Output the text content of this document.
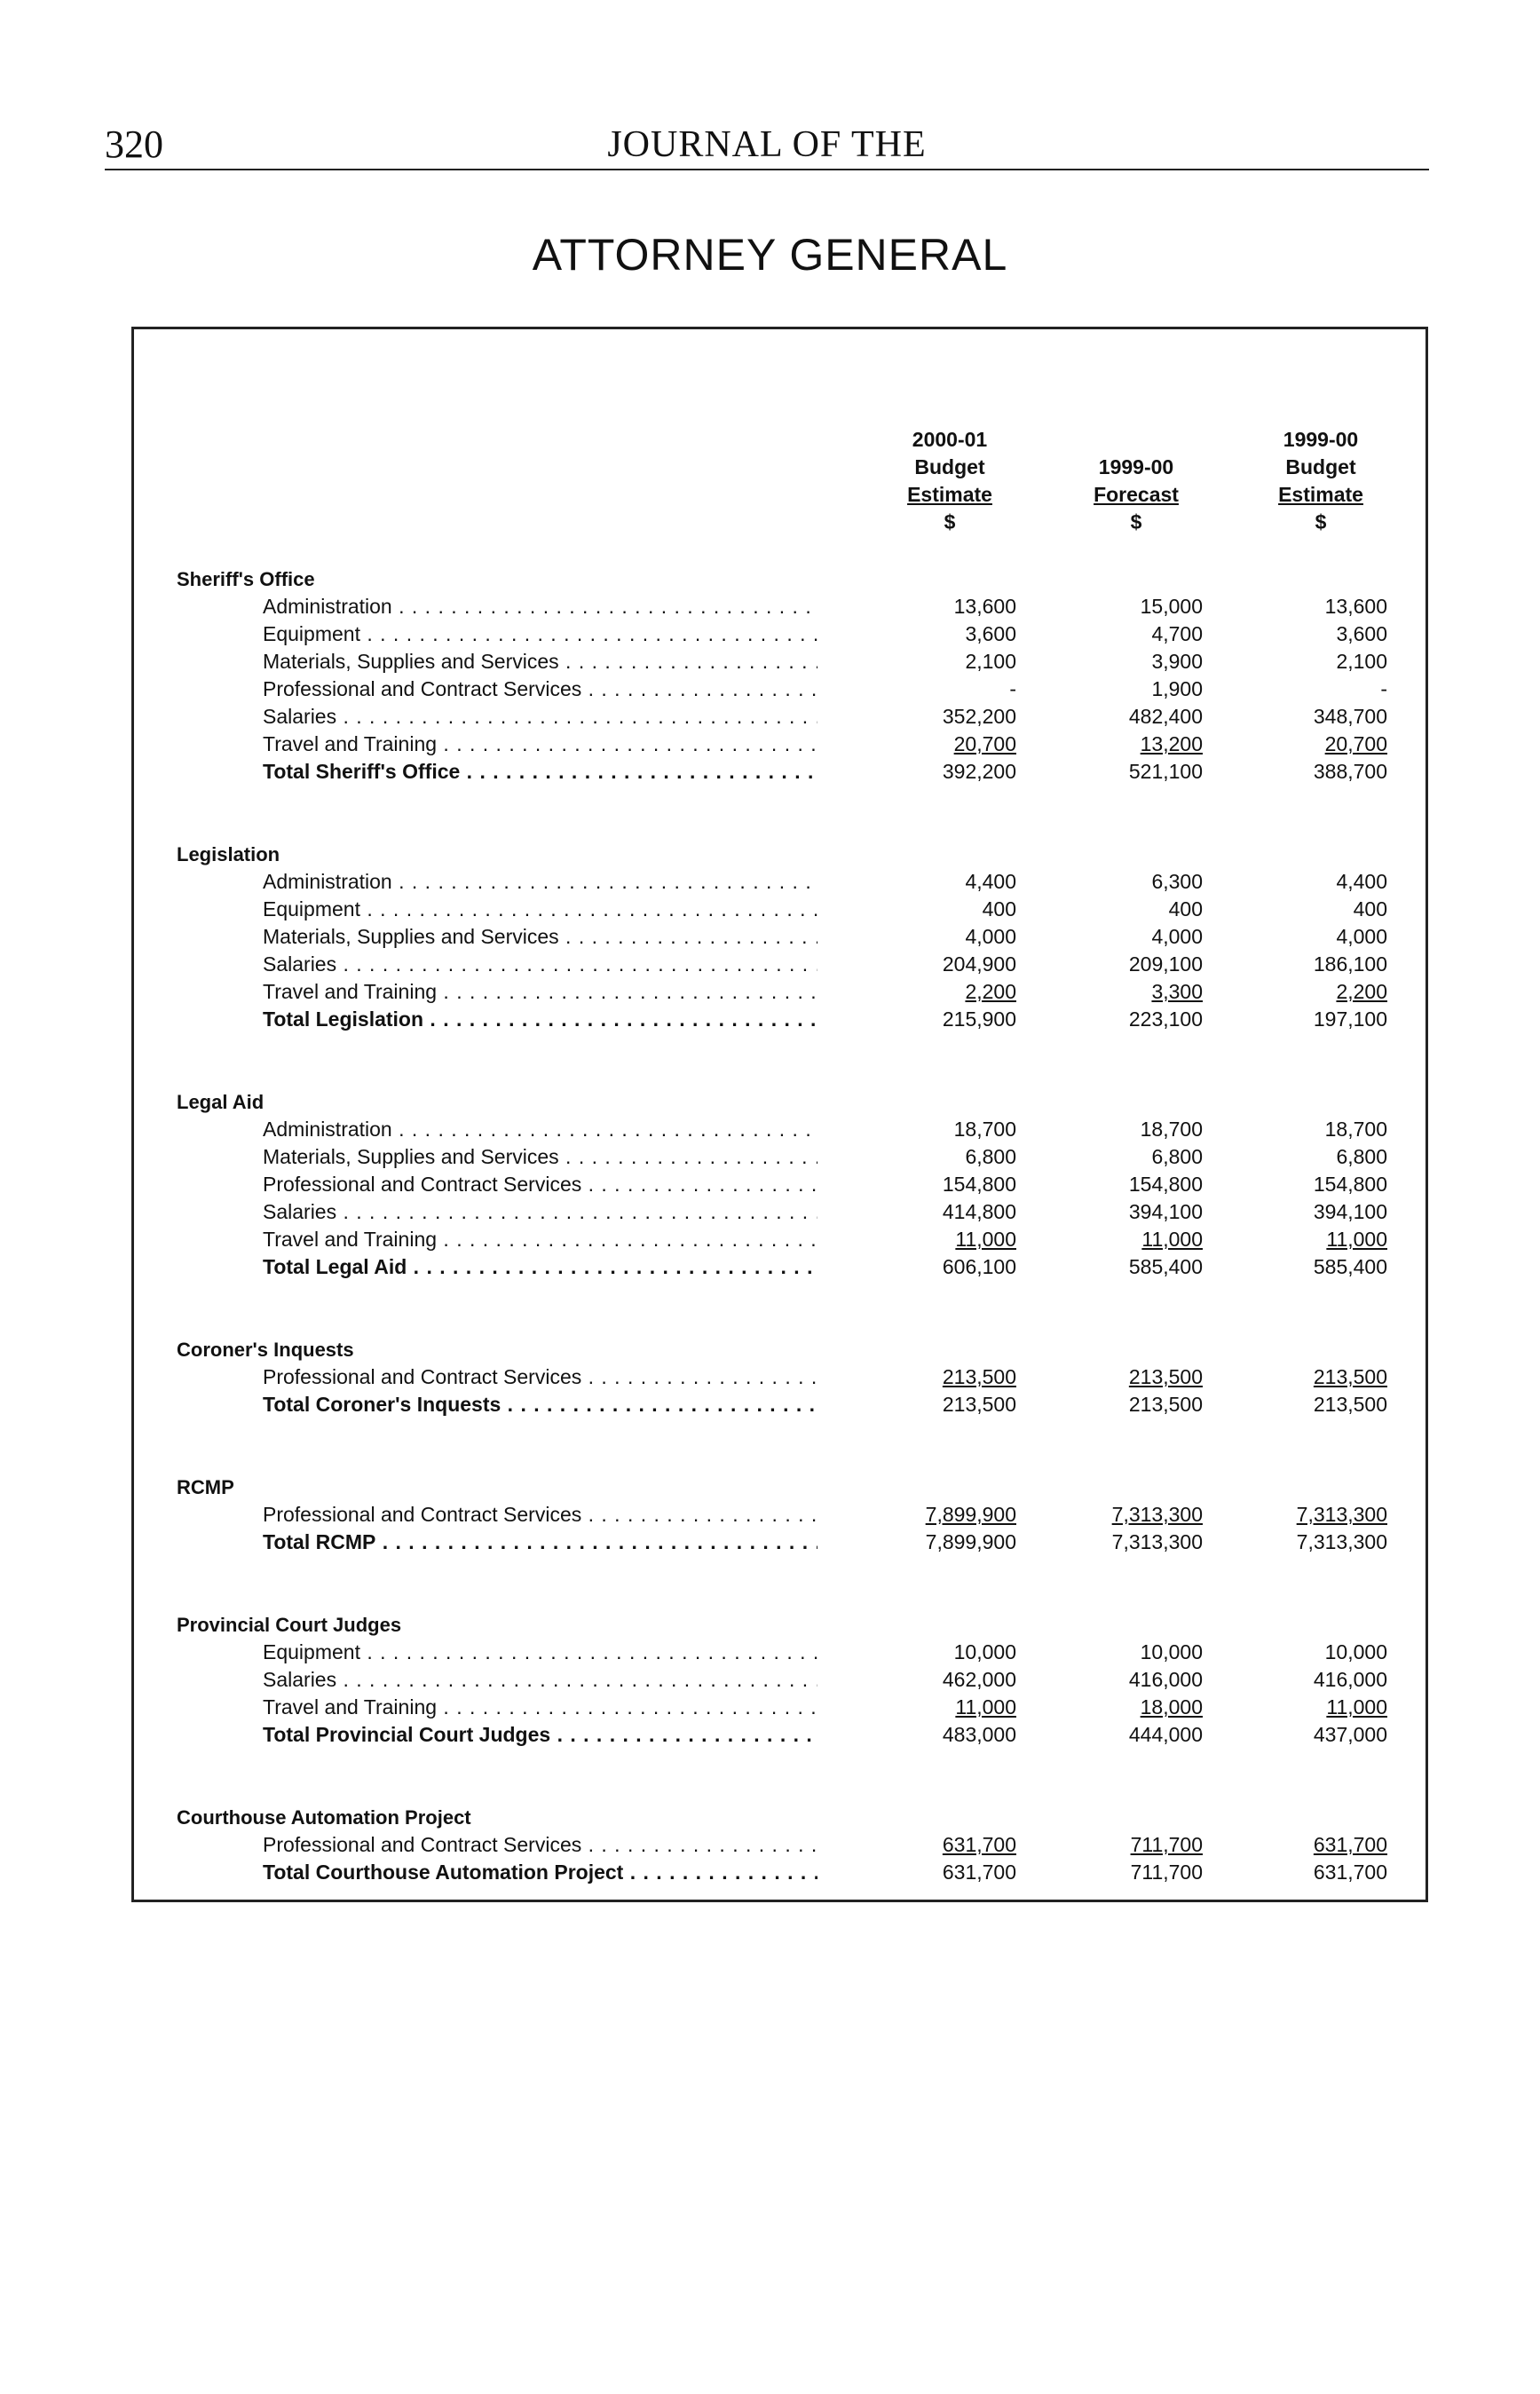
320	JOURNAL OF THE
ATTORNEY GENERAL
2000-01
Budget
Estimate
$
1999-00
Forecast
$
1999-00
Budget
Estimate
$
Sheriff's Office
Administration . . .	13,600	15,000	13,600
Equipment . . .	3,600	4,700	3,600
Materials, Supplies and Services . . .	2,100	3,900	2,100
Professional and Contract Services . . .	-	1,900	-
Salaries . . .	352,200	482,400	348,700
Travel and Training . . .	20,700	13,200	20,700
Total Sheriff's Office . . .	392,200	521,100	388,700
Legislation
Administration . . .	4,400	6,300	4,400
Equipment . . .	400	400	400
Materials, Supplies and Services . . .	4,000	4,000	4,000
Salaries . . .	204,900	209,100	186,100
Travel and Training . . .	2,200	3,300	2,200
Total Legislation . . .	215,900	223,100	197,100
Legal Aid
Administration . . .	18,700	18,700	18,700
Materials, Supplies and Services . . .	6,800	6,800	6,800
Professional and Contract Services . . .	154,800	154,800	154,800
Salaries . . .	414,800	394,100	394,100
Travel and Training . . .	11,000	11,000	11,000
Total Legal Aid . . .	606,100	585,400	585,400
Coroner's Inquests
Professional and Contract Services . . .	213,500	213,500	213,500
Total Coroner's Inquests . . .	213,500	213,500	213,500
RCMP
Professional and Contract Services . . .	7,899,900	7,313,300	7,313,300
Total RCMP . . .	7,899,900	7,313,300	7,313,300
Provincial Court Judges
Equipment . . .	10,000	10,000	10,000
Salaries . . .	462,000	416,000	416,000
Travel and Training . . .	11,000	18,000	11,000
Total Provincial Court Judges . . .	483,000	444,000	437,000
Courthouse Automation Project
Professional and Contract Services . . .	631,700	711,700	631,700
Total Courthouse Automation Project . . .	631,700	711,700	631,700
